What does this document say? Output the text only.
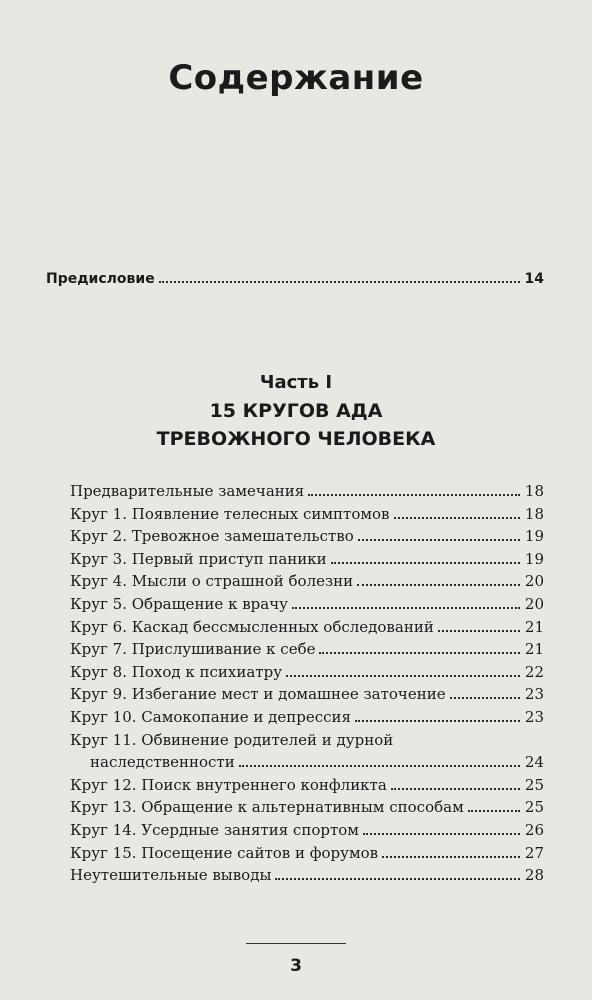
Содержание
Предисловие	14
Часть I
15 КРУГОВ АДА
ТРЕВОЖНОГО ЧЕЛОВЕКА
Предварительные замечания	18
Круг 1. Появление телесных симптомов	18
Круг 2. Тревожное замешательство	19
Круг 3. Первый приступ паники	19
Круг 4. Мысли о страшной болезни	20
Круг 5. Обращение к врачу	20
Круг 6. Каскад бессмысленных обследований	21
Круг 7. Прислушивание к себе	21
Круг 8. Поход к психиатру	22
Круг 9. Избегание мест и домашнее заточение	23
Круг 10. Самокопание и депрессия	23
Круг 11. Обвинение родителей и дурной
наследственности	24
Круг 12. Поиск внутреннего конфликта	25
Круг 13. Обращение к альтернативным способам	25
Круг 14. Усердные занятия спортом	26
Круг 15. Посещение сайтов и форумов	27
Неутешительные выводы	28
3
